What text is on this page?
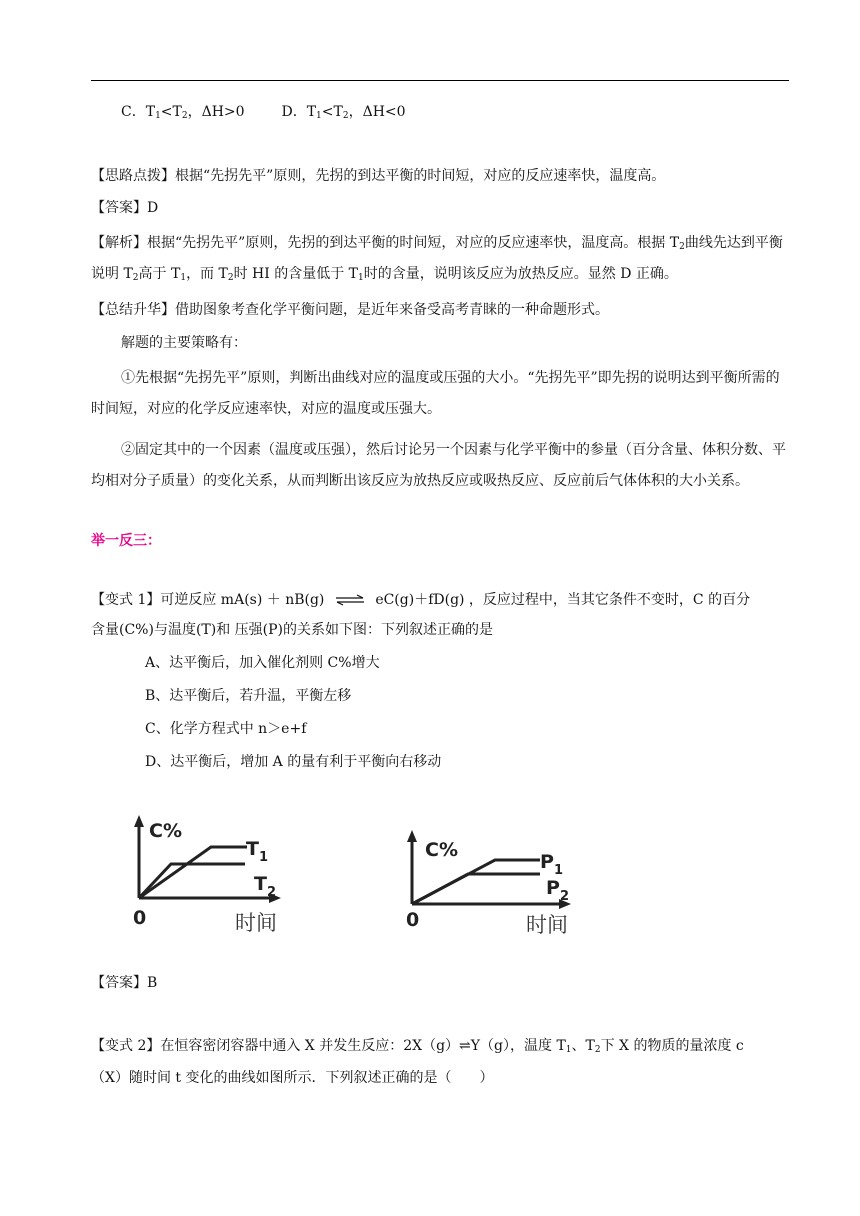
C．$T_1<T_2$，ΔH>0	D．$T_1<T_2$，ΔH<0
【思路点拨】根据“先拐先平”原则，先拐的到达平衡的时间短，对应的反应速率快，温度高。
【答案】D
【解析】根据“先拐先平”原则，先拐的到达平衡的时间短，对应的反应速率快，温度高。根据 $T_2$曲线先达到平衡说明 $T_2$高于 $T_1$，而 $T_2$时 HI 的含量低于 $T_1$时的含量，说明该反应为放热反应。显然 D 正确。
【总结升华】借助图象考查化学平衡问题，是近年来备受高考青睐的一种命题形式。
解题的主要策略有：
①先根据“先拐先平”原则，判断出曲线对应的温度或压强的大小。“先拐先平”即先拐的说明达到平衡所需的时间短，对应的化学反应速率快，对应的温度或压强大。
②固定其中的一个因素（温度或压强），然后讨论另一个因素与化学平衡中的参量（百分含量、体积分数、平均相对分子质量）的变化关系，从而判断出该反应为放热反应或吸热反应、反应前后气体体积的大小关系。
举一反三：
【变式 1】可逆反应 mA(s) ＋ nB(g) ⇌ eC(g)＋fD(g) ，反应过程中，当其它条件不变时，C 的百分
含量(C%)与温度(T)和 压强(P)的关系如下图：下列叙述正确的是
A、达平衡后，加入催化剂则 C%增大
B、达平衡后，若升温，平衡左移
C、化学方程式中 n＞e+f
D、达平衡后，增加 A 的量有利于平衡向右移动
C%
$T_1$
$T_2$
0	时间
C%
$P_1$
$P_2$
0	时间
【答案】B
【变式 2】在恒容密闭容器中通入 X 并发生反应：2X（g）⇌Y（g），温度 $T_1$、$T_2$下 X 的物质的量浓度 c
（X）随时间 t 变化的曲线如图所示．下列叙述正确的是（　　）
